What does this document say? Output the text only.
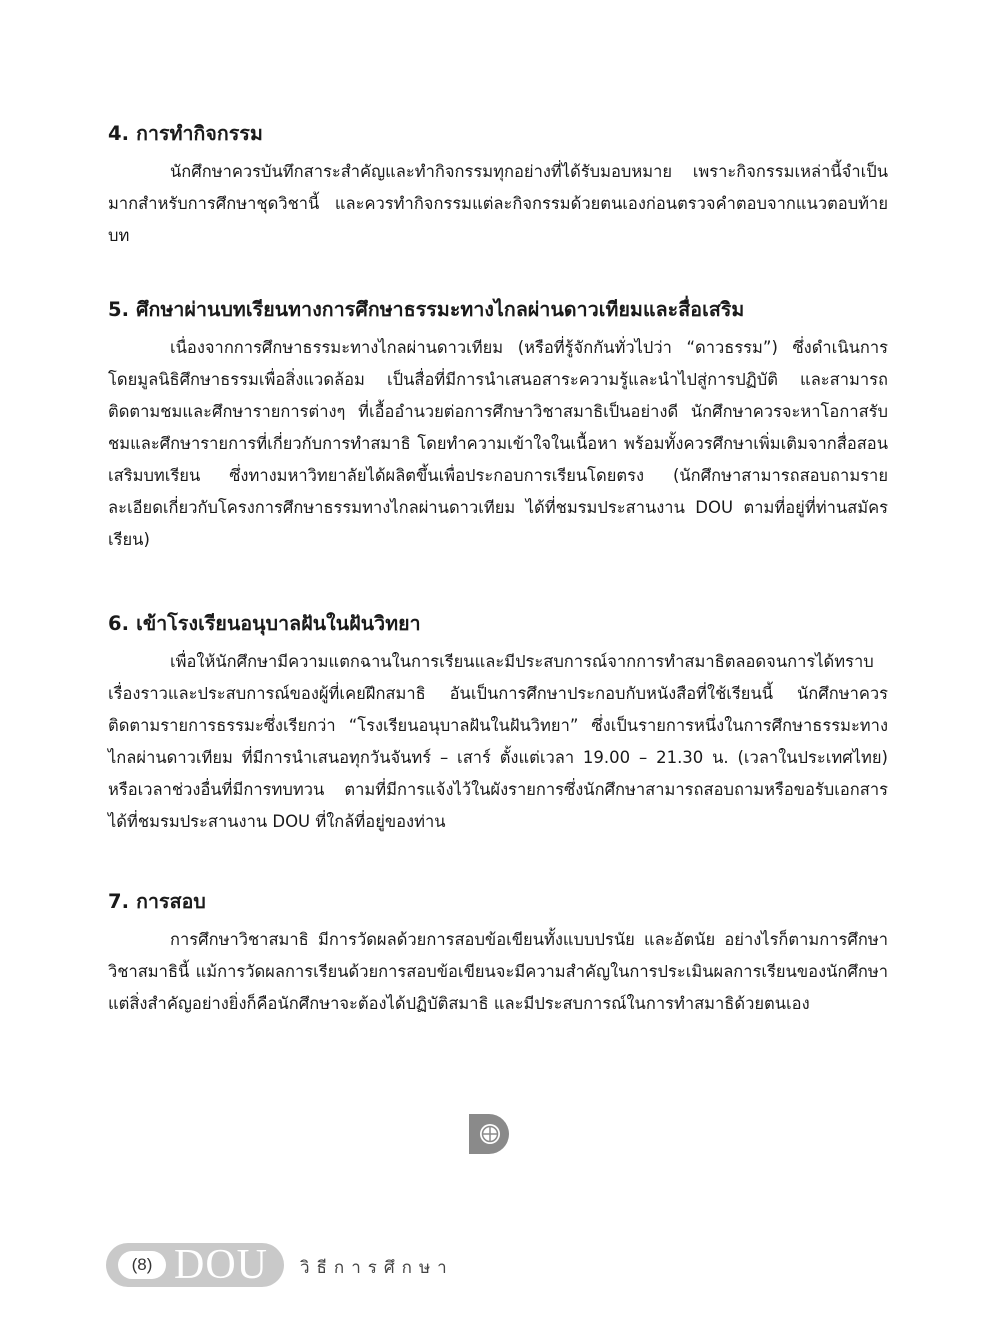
4. การทำกิจกรรม

นักศึกษาควรบันทึกสาระสำคัญและทำกิจกรรมทุกอย่างที่ได้รับมอบหมาย เพราะกิจกรรมเหล่านี้จำเป็นมากสำหรับการศึกษาชุดวิชานี้ และควรทำกิจกรรมแต่ละกิจกรรมด้วยตนเองก่อนตรวจคำตอบจากแนวตอบท้ายบท

5. ศึกษาผ่านบทเรียนทางการศึกษาธรรมะทางไกลผ่านดาวเทียมและสื่อเสริม

เนื่องจากการศึกษาธรรมะทางไกลผ่านดาวเทียม (หรือที่รู้จักกันทั่วไปว่า “ดาวธรรม”) ซึ่งดำเนินการโดยมูลนิธิศึกษาธรรมเพื่อสิ่งแวดล้อม เป็นสื่อที่มีการนำเสนอสาระความรู้และนำไปสู่การปฏิบัติ และสามารถติดตามชมและศึกษารายการต่างๆ ที่เอื้ออำนวยต่อการศึกษาวิชาสมาธิเป็นอย่างดี นักศึกษาควรจะหาโอกาสรับชมและศึกษารายการที่เกี่ยวกับการทำสมาธิ โดยทำความเข้าใจในเนื้อหา พร้อมทั้งควรศึกษาเพิ่มเติมจากสื่อสอนเสริมบทเรียน ซึ่งทางมหาวิทยาลัยได้ผลิตขึ้นเพื่อประกอบการเรียนโดยตรง (นักศึกษาสามารถสอบถามรายละเอียดเกี่ยวกับโครงการศึกษาธรรมทางไกลผ่านดาวเทียม ได้ที่ชมรมประสานงาน DOU ตามที่อยู่ที่ท่านสมัครเรียน)

6. เข้าโรงเรียนอนุบาลฝันในฝันวิทยา

เพื่อให้นักศึกษามีความแตกฉานในการเรียนและมีประสบการณ์จากการทำสมาธิตลอดจนการได้ทราบเรื่องราวและประสบการณ์ของผู้ที่เคยฝึกสมาธิ อันเป็นการศึกษาประกอบกับหนังสือที่ใช้เรียนนี้ นักศึกษาควรติดตามรายการธรรมะซึ่งเรียกว่า “โรงเรียนอนุบาลฝันในฝันวิทยา” ซึ่งเป็นรายการหนึ่งในการศึกษาธรรมะทางไกลผ่านดาวเทียม ที่มีการนำเสนอทุกวันจันทร์ – เสาร์ ตั้งแต่เวลา 19.00 – 21.30 น. (เวลาในประเทศไทย) หรือเวลาช่วงอื่นที่มีการทบทวน ตามที่มีการแจ้งไว้ในผังรายการซึ่งนักศึกษาสามารถสอบถามหรือขอรับเอกสารได้ที่ชมรมประสานงาน DOU ที่ใกล้ที่อยู่ของท่าน

7. การสอบ

การศึกษาวิชาสมาธิ มีการวัดผลด้วยการสอบข้อเขียนทั้งแบบปรนัย และอัตนัย อย่างไรก็ตามการศึกษาวิชาสมาธินี้ แม้การวัดผลการเรียนด้วยการสอบข้อเขียนจะมีความสำคัญในการประเมินผลการเรียนของนักศึกษา แต่สิ่งสำคัญอย่างยิ่งก็คือนักศึกษาจะต้องได้ปฏิบัติสมาธิ และมีประสบการณ์ในการทำสมาธิด้วยตนเอง

(8) DOU วิธีการศึกษา
